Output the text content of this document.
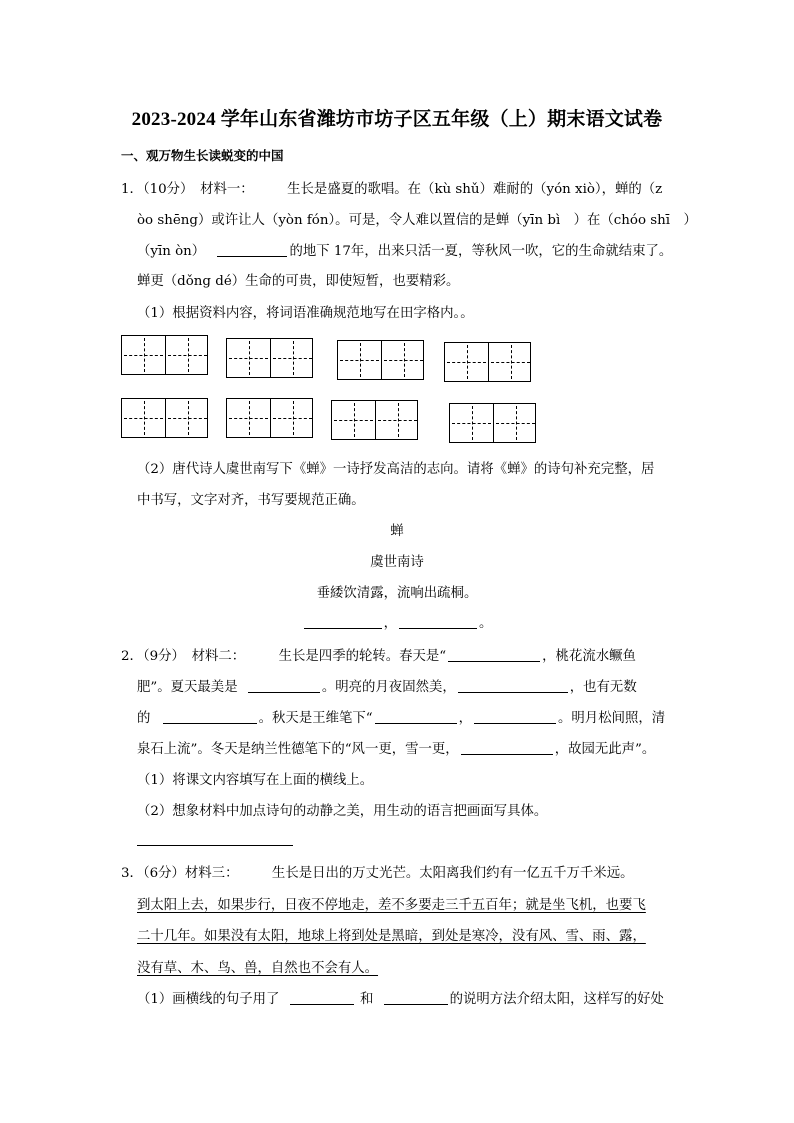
2023-2024 学年山东省潍坊市坊子区五年级（上）期末语文试卷
一、观万物生长读蜕变的中国
1．（10分）　材料一：　　　生长是盛夏的歌唱。在（kù shǔ）难耐的（yón xiò），蝉的（z
òo shēng）或许让人（yòn fón）。可是，令人难以置信的是蝉（yīn bì　）在（chóo shī　）
（yīn òn）	的地下 17年，出来只活一夏，等秋风一吹，它的生命就结束了。
蝉更（dǒng dé）生命的可贵，即使短暂，也要精彩。
（1）根据资料内容，将词语准确规范地写在田字格内。。
（2）唐代诗人虞世南写下《蝉》一诗抒发高洁的志向。请将《蝉》的诗句补充完整，居
中书写，文字对齐，书写要规范正确。
蝉
虞世南诗
垂緌饮清露，流响出疏桐。
，	。
2．（9分）　材料二：　　　生长是四季的轮转。春天是“	，桃花流水鳜鱼
肥”。夏天最美是	。明亮的月夜固然美，	，也有无数
的	。秋天是王维笔下“	，	。明月松间照，清
泉石上流”。冬天是纳兰性德笔下的“风一更，雪一更，	，故园无此声”。
（1）将课文内容填写在上面的横线上。
（2）想象材料中加点诗句的动静之美，用生动的语言把画面写具体。
3．（6分）材料三：　　　生长是日出的万丈光芒。太阳离我们约有一亿五千万千米远。
到太阳上去，如果步行，日夜不停地走，差不多要走三千五百年；就是坐飞机，也要飞
二十几年。如果没有太阳，地球上将到处是黑暗，到处是寒冷，没有风、雪、雨、露，
没有草、木、鸟、兽，自然也不会有人。
（1）画横线的句子用了	和	的说明方法介绍太阳，这样写的好处
